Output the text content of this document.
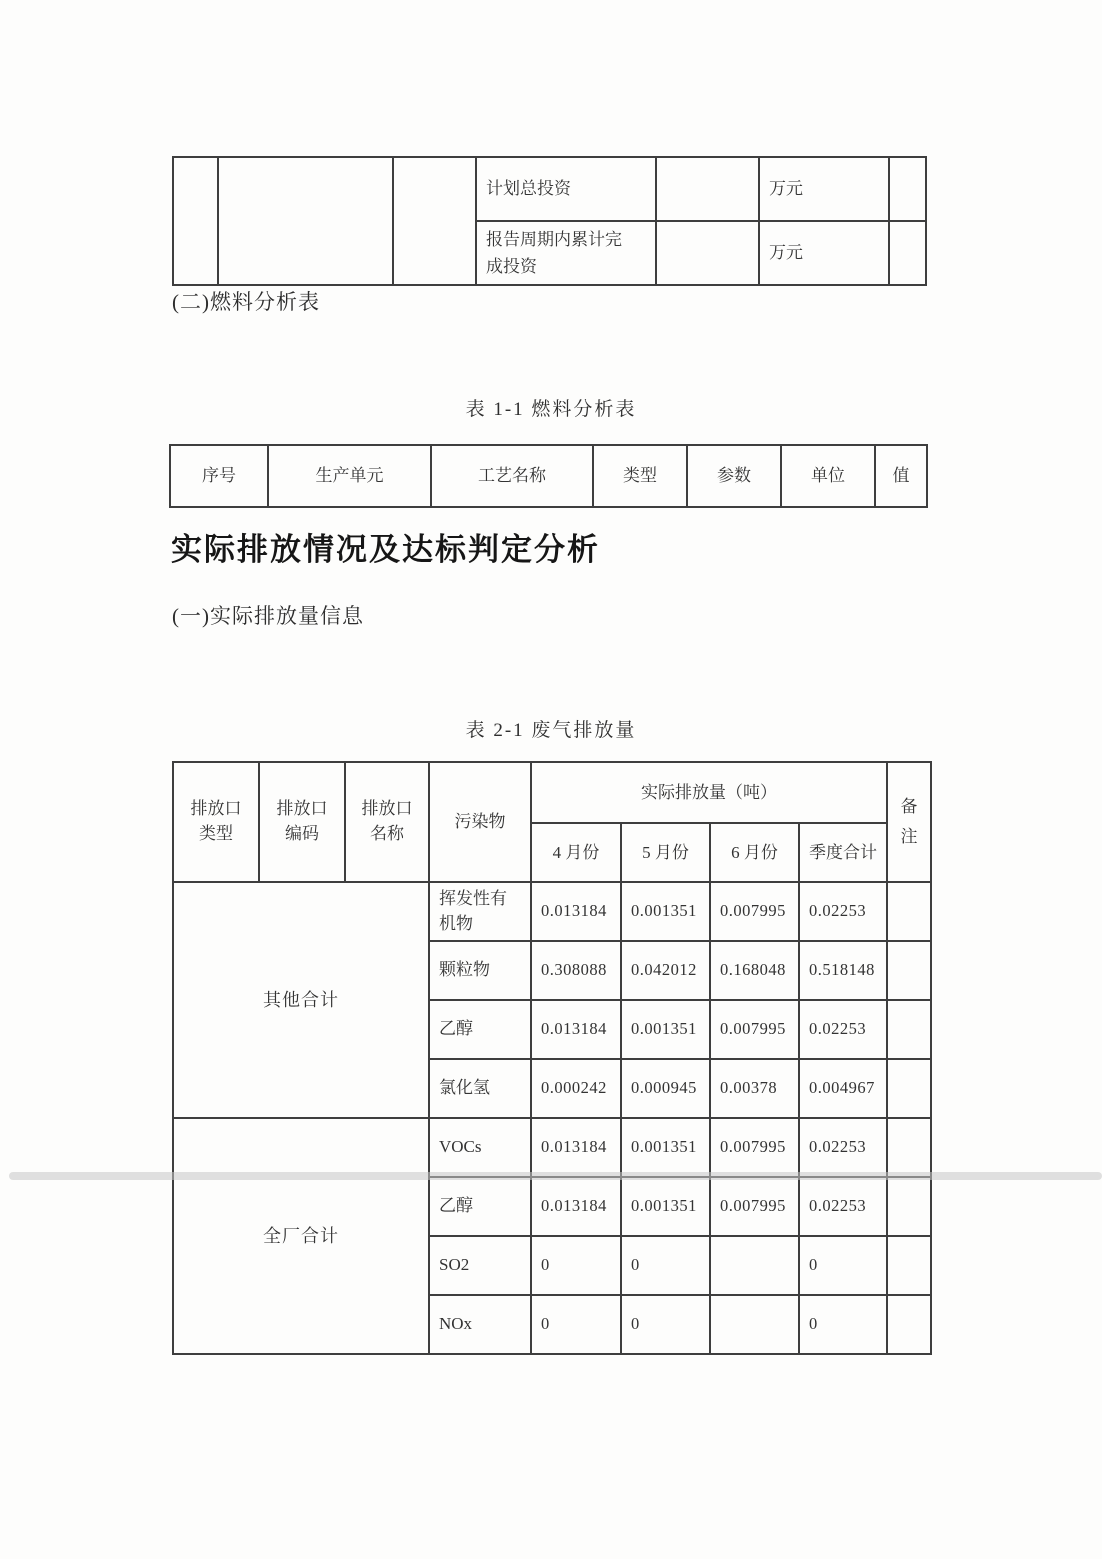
			计划总投资		万元	
			报告周期内累计完成投资		万元	
(二)燃料分析表
表 1-1 燃料分析表
序号	生产单元	工艺名称	类型	参数	单位	值
实际排放情况及达标判定分析
(一)实际排放量信息
表 2-1 废气排放量
排放口类型	排放口编码	排放口名称	污染物	实际排放量（吨）				备注
				4 月份	5 月份	6 月份	季度合计	
其他合计			挥发性有机物	0.013184	0.001351	0.007995	0.02253	
			颗粒物	0.308088	0.042012	0.168048	0.518148	
			乙醇	0.013184	0.001351	0.007995	0.02253	
			氯化氢	0.000242	0.000945	0.00378	0.004967	
全厂合计			VOCs	0.013184	0.001351	0.007995	0.02253	
			乙醇	0.013184	0.001351	0.007995	0.02253	
			SO2	0	0		0	
			NOx	0	0		0	
